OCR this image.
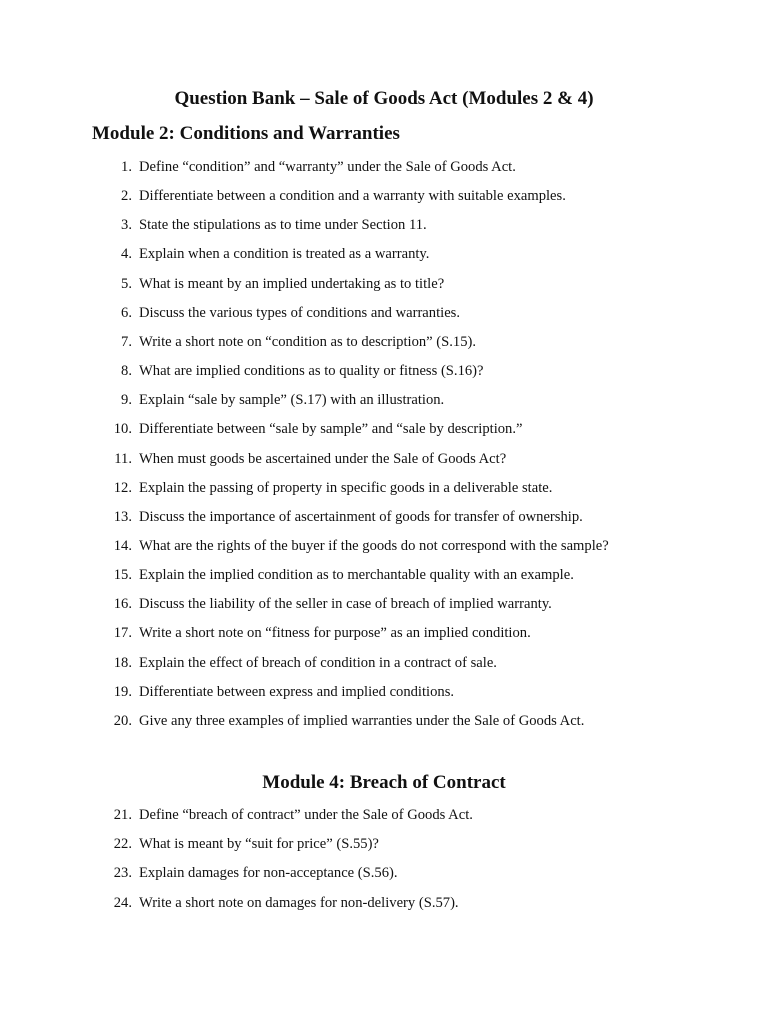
Question Bank – Sale of Goods Act (Modules 2 & 4)
Module 2: Conditions and Warranties
1. Define “condition” and “warranty” under the Sale of Goods Act.
2. Differentiate between a condition and a warranty with suitable examples.
3. State the stipulations as to time under Section 11.
4. Explain when a condition is treated as a warranty.
5. What is meant by an implied undertaking as to title?
6. Discuss the various types of conditions and warranties.
7. Write a short note on “condition as to description” (S.15).
8. What are implied conditions as to quality or fitness (S.16)?
9. Explain “sale by sample” (S.17) with an illustration.
10. Differentiate between “sale by sample” and “sale by description.”
11. When must goods be ascertained under the Sale of Goods Act?
12. Explain the passing of property in specific goods in a deliverable state.
13. Discuss the importance of ascertainment of goods for transfer of ownership.
14. What are the rights of the buyer if the goods do not correspond with the sample?
15. Explain the implied condition as to merchantable quality with an example.
16. Discuss the liability of the seller in case of breach of implied warranty.
17. Write a short note on “fitness for purpose” as an implied condition.
18. Explain the effect of breach of condition in a contract of sale.
19. Differentiate between express and implied conditions.
20. Give any three examples of implied warranties under the Sale of Goods Act.
Module 4: Breach of Contract
21. Define “breach of contract” under the Sale of Goods Act.
22. What is meant by “suit for price” (S.55)?
23. Explain damages for non-acceptance (S.56).
24. Write a short note on damages for non-delivery (S.57).
